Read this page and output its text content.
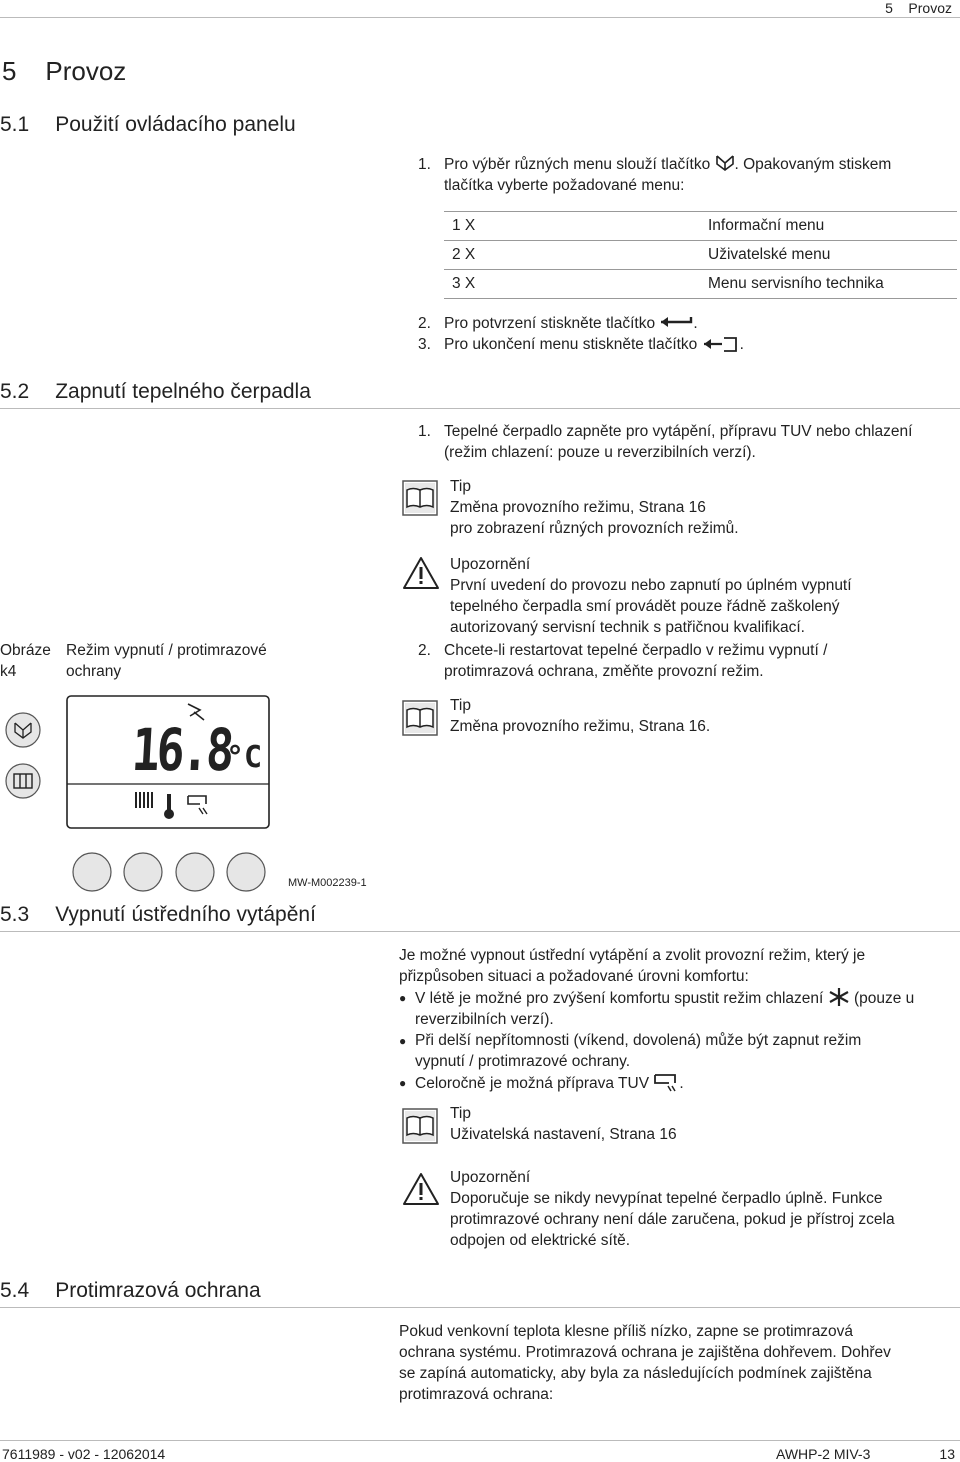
5 Provoz
5 Provoz
5.1 Použití ovládacího panelu

1. Pro výběr různých menu slouží tlačítko . Opakovaným stiskem

tlačítka vyberte požadované menu:

1 X	Informační menu
2 X	Uživatelské menu
3 X	Menu servisního technika

2. Pro potvrzení stiskněte tlačítko .

3. Pro ukončení menu stiskněte tlačítko	.

5.2 Zapnutí tepelného čerpadla

1. Tepelné čerpadlo zapněte pro vytápění, přípravu TUV nebo chlazení

(režim chlazení: pouze u reverzibilních verzí).

Tip

Změna provozního režimu, Strana 16

pro zobrazení různých provozních režimů.

Upozornění

První uvedení do provozu nebo zapnutí po úplném vypnutí

tepelného čerpadla smí provádět pouze řádně zaškolený

autorizovaný servisní technik s patřičnou kvalifikací.

2. Chcete-li restartovat tepelné čerpadlo v režimu vypnutí /

protimrazová ochrana, změňte provozní režim.

Tip

Změna provozního režimu, Strana 16.

Obráze

k4

Režim vypnutí / protimrazové

ochrany

16.8
°C
MW-M002239-1
5.3 Vypnutí ústředního vytápění

Je možné vypnout ústřední vytápění a zvolit provozní režim, který je

přizpůsoben situaci a požadované úrovni komfortu:

● V létě je možné pro zvýšení komfortu spustit režim chlazení (pouze u

reverzibilních verzí).

● Při delší nepřítomnosti (víkend, dovolená) může být zapnut režim

vypnutí / protimrazové ochrany.

● Celoročně je možná příprava TUV .

Tip

Uživatelská nastavení, Strana 16

Upozornění

Doporučuje se nikdy nevypínat tepelné čerpadlo úplně. Funkce

protimrazové ochrany není dále zaručena, pokud je přístroj zcela

odpojen od elektrické sítě.

5.4 Protimrazová ochrana

Pokud venkovní teplota klesne příliš nízko, zapne se protimrazová

ochrana systému. Protimrazová ochrana je zajištěna dohřevem. Dohřev

se zapíná automaticky, aby byla za následujících podmínek zajištěna

protimrazová ochrana:

7611989 - v02 - 12062014	AWHP-2 MIV-3	13
